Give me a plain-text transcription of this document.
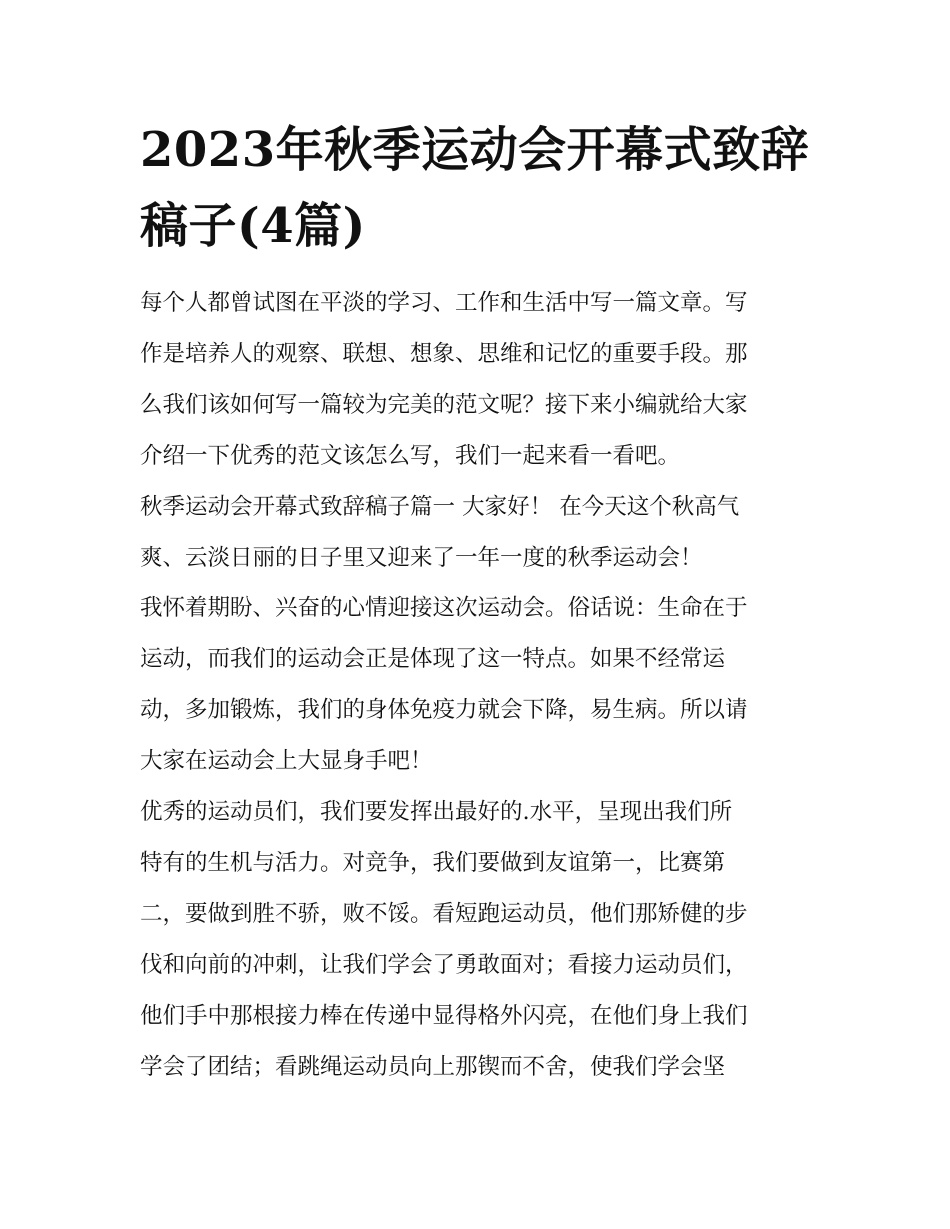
2023年秋季运动会开幕式致辞
稿子(4篇)
每个人都曾试图在平淡的学习、工作和生活中写一篇文章。写
作是培养人的观察、联想、想象、思维和记忆的重要手段。那
么我们该如何写一篇较为完美的范文呢？接下来小编就给大家
介绍一下优秀的范文该怎么写，我们一起来看一看吧。
秋季运动会开幕式致辞稿子篇一 大家好！ 在今天这个秋高气
爽、云淡日丽的日子里又迎来了一年一度的秋季运动会！
我怀着期盼、兴奋的心情迎接这次运动会。俗话说：生命在于
运动，而我们的运动会正是体现了这一特点。如果不经常运
动，多加锻炼，我们的身体免疫力就会下降，易生病。所以请
大家在运动会上大显身手吧！
优秀的运动员们，我们要发挥出最好的.水平，呈现出我们所
特有的生机与活力。对竞争，我们要做到友谊第一，比赛第
二，要做到胜不骄，败不馁。看短跑运动员，他们那矫健的步
伐和向前的冲刺，让我们学会了勇敢面对；看接力运动员们，
他们手中那根接力棒在传递中显得格外闪亮，在他们身上我们
学会了团结；看跳绳运动员向上那锲而不舍，使我们学会坚
